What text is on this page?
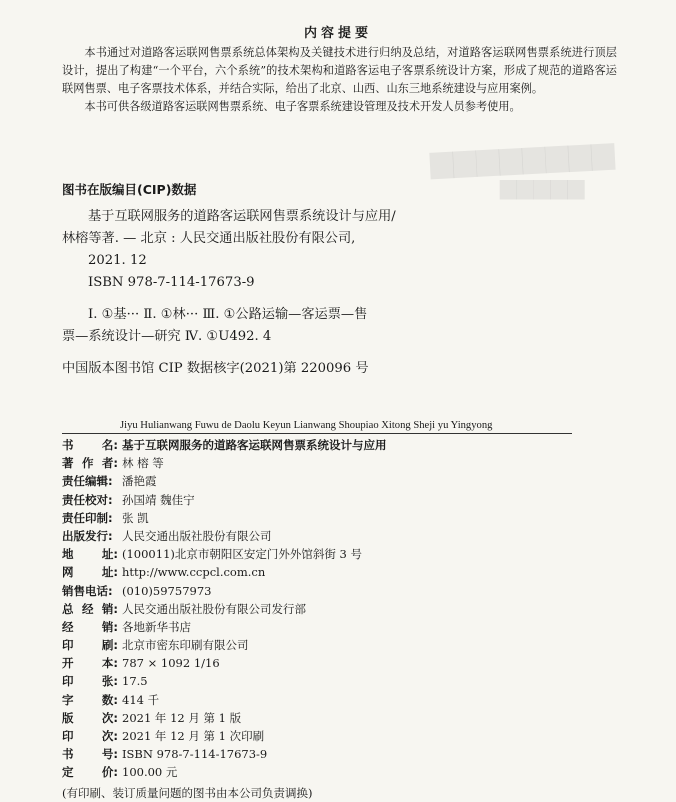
▆▆▆▆▆▆▆▆
▆▆▆▆▆
内容提要

本书通过对道路客运联网售票系统总体架构及关键技术进行归纳及总结，对道路客运联网售票系统进行顶层设计，提出了构建“一个平台，六个系统”的技术架构和道路客运电子客票系统设计方案，形成了规范的道路客运联网售票、电子客票技术体系，并结合实际，给出了北京、山西、山东三地系统建设与应用案例。

本书可供各级道路客运联网售票系统、电子客票系统建设管理及技术开发人员参考使用。

图书在版编目(CIP)数据
基于互联网服务的道路客运联网售票系统设计与应用/
林榕等著. — 北京 : 人民交通出版社股份有限公司,
2021. 12
ISBN 978-7-114-17673-9
Ⅰ. ①基··· Ⅱ. ①林··· Ⅲ. ①公路运输—客运票—售
票—系统设计—研究 Ⅳ. ①U492. 4
中国版本图书馆 CIP 数据核字(2021)第 220096 号
Jiyu Hulianwang Fuwu de Daolu Keyun Lianwang Shoupiao Xitong Sheji yu Yingyong
书 名: 基于互联网服务的道路客运联网售票系统设计与应用
著 作 者: 林 榕 等
责任编辑: 潘艳霞
责任校对: 孙国靖 魏佳宁
责任印制: 张 凯
出版发行: 人民交通出版社股份有限公司
地 址: (100011)北京市朝阳区安定门外外馆斜街 3 号
网 址: http://www.ccpcl.com.cn
销售电话: (010)59757973
总 经 销: 人民交通出版社股份有限公司发行部
经 销: 各地新华书店
印 刷: 北京市密东印刷有限公司
开 本: 787 × 1092 1/16
印 张: 17.5
字 数: 414 千
版 次: 2021 年 12 月 第 1 版
印 次: 2021 年 12 月 第 1 次印刷
书 号: ISBN 978-7-114-17673-9
定 价: 100.00 元
(有印刷、装订质量问题的图书由本公司负责调换)
